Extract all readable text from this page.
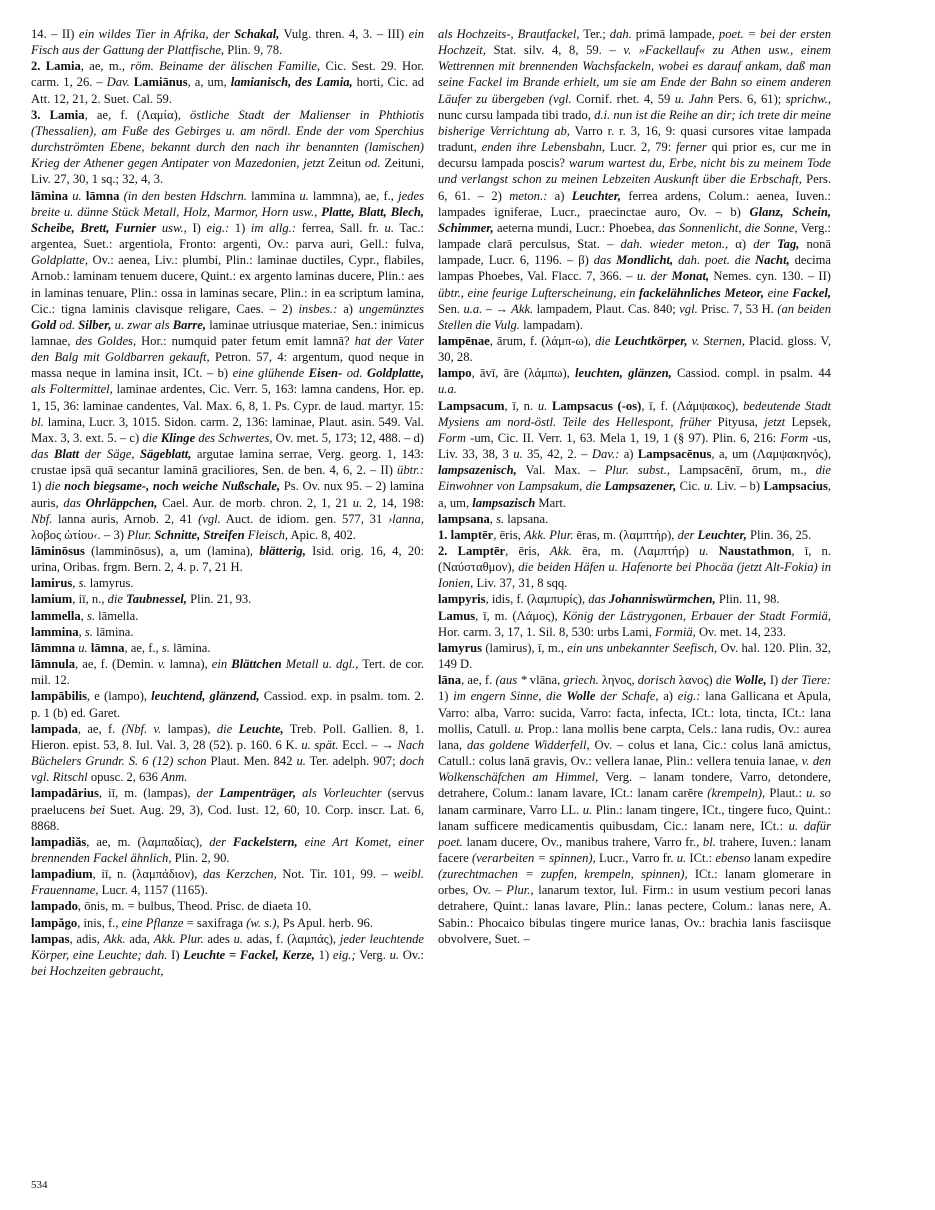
14. – II) ein wildes Tier in Afrika, der Schakal, Vulg. thren. 4, 3. – III) ein Fisch aus der Gattung der Plattfische, Plin. 9, 78.

2. Lamia, ae, m., röm. Beiname der älischen Familie, Cic. Sest. 29. Hor. carm. 1, 26. – Dav. Lamiānus, a, um, lamianisch, des Lamia, horti, Cic. ad Att. 12, 21, 2. Suet. Cal. 59.

3. Lamia, ae, f. (Λαμία), östliche Stadt der Malienser in Phthiotis (Thessalien), am Fuße des Gebirges u. am nördl. Ende der vom Sperchius durchströmten Ebene, bekannt durch den nach ihr benannten (lamischen) Krieg der Athener gegen Antipater von Mazedonien, jetzt Zeitun od. Zeituni, Liv. 27, 30, 1 sq.; 32, 4, 3.

lāmina u. lāmna (in den besten Hdschrn. lammina u. lammna), ae, f., jedes breite u. dünne Stück Metall, Holz, Marmor, Horn usw., Platte, Blatt, Blech, Scheibe, Brett, Furnier usw., I) eig.: 1) im allg.: ferrea, Sall. fr. u. Tac.: argentea, Suet.: argentiola, Fronto: argenti, Ov.: parva auri, Gell.: fulva, Goldplatte, Ov.: aenea, Liv.: plumbi, Plin.: laminae ductiles, Cypr., flabiles, Arnob.: laminam tenuem ducere, Quint.: ex argento laminas ducere, Plin.: aes in laminas tenuare, Plin.: ossa in laminas secare, Plin.: in ea scriptum lamina, Cic.: tigna laminis clavisque religare, Caes. – 2) insbes.: a) ungemünztes Gold od. Silber, u. zwar als Barre, laminae utriusque materiae, Sen.: inimicus lamnae, des Goldes, Hor.: numquid pater fetum emit lamnā? hat der Vater den Balg mit Goldbarren gekauft, Petron. 57, 4: argentum, quod neque in massa neque in lamina insit, ICt. – b) eine glühende Eisen- od. Goldplatte, als Foltermittel, laminae ardentes, Cic. Verr. 5, 163: lamna candens, Hor. ep. 1, 15, 36: laminae candentes, Val. Max. 6, 8, 1. Ps. Cypr. de laud. martyr. 15: bl. lamina, Lucr. 3, 1015. Sidon. carm. 2, 136: laminae, Plaut. asin. 549. Val. Max. 3, 3. ext. 5. – c) die Klinge des Schwertes, Ov. met. 5, 173; 12, 488. – d) das Blatt der Säge, Sägeblatt, argutae lamina serrae, Verg. georg. 1, 143: crustae ipsā quā secantur laminā graciliores, Sen. de ben. 4, 6, 2. – II) übtr.: 1) die noch biegsame-, noch weiche Nußschale, Ps. Ov. nux 95. – 2) lamina auris, das Ohrläppchen, Cael. Aur. de morb. chron. 2, 1, 21 u. 2, 14, 198: Nbf. lanna auris, Arnob. 2, 41 (vgl. Auct. de idiom. gen. 577, 31 ›lanna, λοβος ὠτίου‹. – 3) Plur. Schnitte, Streifen Fleisch, Apic. 8, 402.

lāminōsus (lamminōsus), a, um (lamina), blätterig, Isid. orig. 16, 4, 20: urina, Oribas. frgm. Bern. 2, 4. p. 7, 21 H.

lamirus, s. lamyrus.

lamium, iī, n., die Taubnessel, Plin. 21, 93.

lammella, s. lāmella.

lammina, s. lāmina.

lāmmna u. lāmna, ae, f., s. lāmina.

lāmnula, ae, f. (Demin. v. lamna), ein Blättchen Metall u. dgl., Tert. de cor. mil. 12.

lampābilis, e (lampo), leuchtend, glänzend, Cassiod. exp. in psalm. tom. 2. p. 1 (b) ed. Garet.

lampada, ae, f. (Nbf. v. lampas), die Leuchte, Treb. Poll. Gallien. 8, 1. Hieron. epist. 53, 8. Iul. Val. 3, 28 (52). p. 160. 6 K. u. spät. Eccl. – → Nach Büchelers Grundr. S. 6 (12) schon Plaut. Men. 842 u. Ter. adelph. 907; doch vgl. Ritschl opusc. 2, 636 Anm.

lampadārius, iī, m. (lampas), der Lampenträger, als Vorleuchter (servus praelucens bei Suet. Aug. 29, 3), Cod. Iust. 12, 60, 10. Corp. inscr. Lat. 6, 8868.

lampadiăs, ae, m. (λαμπαδίας), der Fackelstern, eine Art Komet, einer brennenden Fackel ähnlich, Plin. 2, 90.

lampadium, iī, n. (λαμπάδιον), das Kerzchen, Not. Tir. 101, 99. – weibl. Frauenname, Lucr. 4, 1157 (1165).

lampado, ōnis, m. = bulbus, Theod. Prisc. de diaeta 10.

lampăgo, inis, f., eine Pflanze = saxifraga (w. s.), Ps Apul. herb. 96.

lampas, adis, Akk. ada, Akk. Plur. ades u. adas, f. (λαμπάς), jeder leuchtende Körper, eine Leuchte; dah. I) Leuchte = Fackel, Kerze, 1) eig.; Verg. u. Ov.: bei Hochzeiten gebraucht,

als Hochzeits-, Brautfackel, Ter.; dah. primā lampade, poet. = bei der ersten Hochzeit, Stat. silv. 4, 8, 59. – v. »Fackellauf« zu Athen usw., einem Wettrennen mit brennenden Wachsfackeln, wobei es darauf ankam, daß man seine Fackel im Brande erhielt, um sie am Ende der Bahn so einem anderen Läufer zu übergeben (vgl. Cornif. rhet. 4, 59 u. Jahn Pers. 6, 61); sprichw., nunc cursu lampada tibi trado, d.i. nun ist die Reihe an dir; ich trete dir meine bisherige Verrichtung ab, Varro r. r. 3, 16, 9: quasi cursores vitae lampada tradunt, enden ihre Lebensbahn, Lucr. 2, 79: ferner qui prior es, cur me in decursu lampada poscis? warum wartest du, Erbe, nicht bis zu meinem Tode und verlangst schon zu meinen Lebzeiten Auskunft über die Erbschaft, Pers. 6, 61. – 2) meton.: a) Leuchter, ferrea ardens, Colum.: aenea, Iuven.: lampades igniferae, Lucr., praecinctae auro, Ov. – b) Glanz, Schein, Schimmer, aeterna mundi, Lucr.: Phoebea, das Sonnenlicht, die Sonne, Verg.: lampade clarā perculsus, Stat. – dah. wieder meton., α) der Tag, nonā lampade, Lucr. 6, 1196. – β) das Mondlicht, dah. poet. die Nacht, decima lampas Phoebes, Val. Flacc. 7, 366. – u. der Monat, Nemes. cyn. 130. – II) übtr., eine feurige Lufterscheinung, ein fackelähnliches Meteor, eine Fackel, Sen. u.a. – → Akk. lampadem, Plaut. Cas. 840; vgl. Prisc. 7, 53 H. (an beiden Stellen die Vulg. lampadam).

lampēnae, ārum, f. (λάμπ-ω), die Leuchtkörper, v. Sternen, Placid. gloss. V, 30, 28.

lampo, āvī, āre (λάμπω), leuchten, glänzen, Cassiod. compl. in psalm. 44 u.a.

Lampsacum, ī, n. u. Lampsacus (-os), ī, f. (Λάμψακος), bedeutende Stadt Mysiens am nord-östl. Teile des Hellespont, früher Pityusa, jetzt Lepsek, Form -um, Cic. II. Verr. 1, 63. Mela 1, 19, 1 (§ 97). Plin. 6, 216: Form -us, Liv. 33, 38, 3 u. 35, 42, 2. – Dav.: a) Lampsacēnus, a, um (Λαμψακηνός), lampsazenisch, Val. Max. – Plur. subst., Lampsacēnī, ōrum, m., die Einwohner von Lampsakum, die Lampsazener, Cic. u. Liv. – b) Lampsacius, a, um, lampsazisch Mart.

lampsana, s. lapsana.

1. lamptēr, ēris, Akk. Plur. ēras, m. (λαμπτήρ), der Leuchter, Plin. 36, 25.

2. Lamptēr, ēris, Akk. ēra, m. (Λαμπτήρ) u. Naustathmon, ī, n. (Ναύσταθμον), die beiden Häfen u. Hafenorte bei Phocäa (jetzt Alt-Fokia) in Ionien, Liv. 37, 31, 8 sqq.

lampyris, idis, f. (λαμπυρίς), das Johanniswürmchen, Plin. 11, 98.

Lamus, ī, m. (Λάμος), König der Lästrygonen, Erbauer der Stadt Formiä, Hor. carm. 3, 17, 1. Sil. 8, 530: urbs Lami, Formiä, Ov. met. 14, 233.

lamyrus (lamirus), ī, m., ein uns unbekannter Seefisch, Ov. hal. 120. Plin. 32, 149 D.

lāna, ae, f. (aus * vlāna, griech. ληνος, dorisch λανος) die Wolle, I) der Tiere: 1) im engern Sinne, die Wolle der Schafe, a) eig.: lana Gallicana et Apula, Varro: alba, Varro: sucida, Varro: facta, infecta, ICt.: lota, tincta, ICt.: lana mollis, Catull. u. Prop.: lana mollis bene carpta, Cels.: lana rudis, Ov.: aurea lana, das goldene Widderfell, Ov. – colus et lana, Cic.: colus lanā amictus, Catull.: colus lanā gravis, Ov.: vellera lanae, Plin.: vellera tenuia lanae, v. den Wolkenschäfchen am Himmel, Verg. – lanam tondere, Varro, detondere, detrahere, Colum.: lanam lavare, ICt.: lanam carĕre (krempeln), Plaut.: u. so lanam carminare, Varro LL. u. Plin.: lanam tingere, ICt., tingere fuco, Quint.: lanam sufficere medicamentis quibusdam, Cic.: lanam nere, ICt.: u. dafür poet. lanam ducere, Ov., manibus trahere, Varro fr., bl. trahere, Iuven.: lanam facere (verarbeiten = spinnen), Lucr., Varro fr. u. ICt.: ebenso lanam expedire (zurechtmachen = zupfen, krempeln, spinnen), ICt.: lanam glomerare in orbes, Ov. – Plur., lanarum textor, Iul. Firm.: in usum vestium pecori lanas detrahere, Quint.: lanas lavare, Plin.: lanas pectere, Colum.: lanas nere, A. Sabin.: Phocaico bibulas tingere murice lanas, Ov.: brachia lanis fasciisque obvolvere, Suet. –

534
